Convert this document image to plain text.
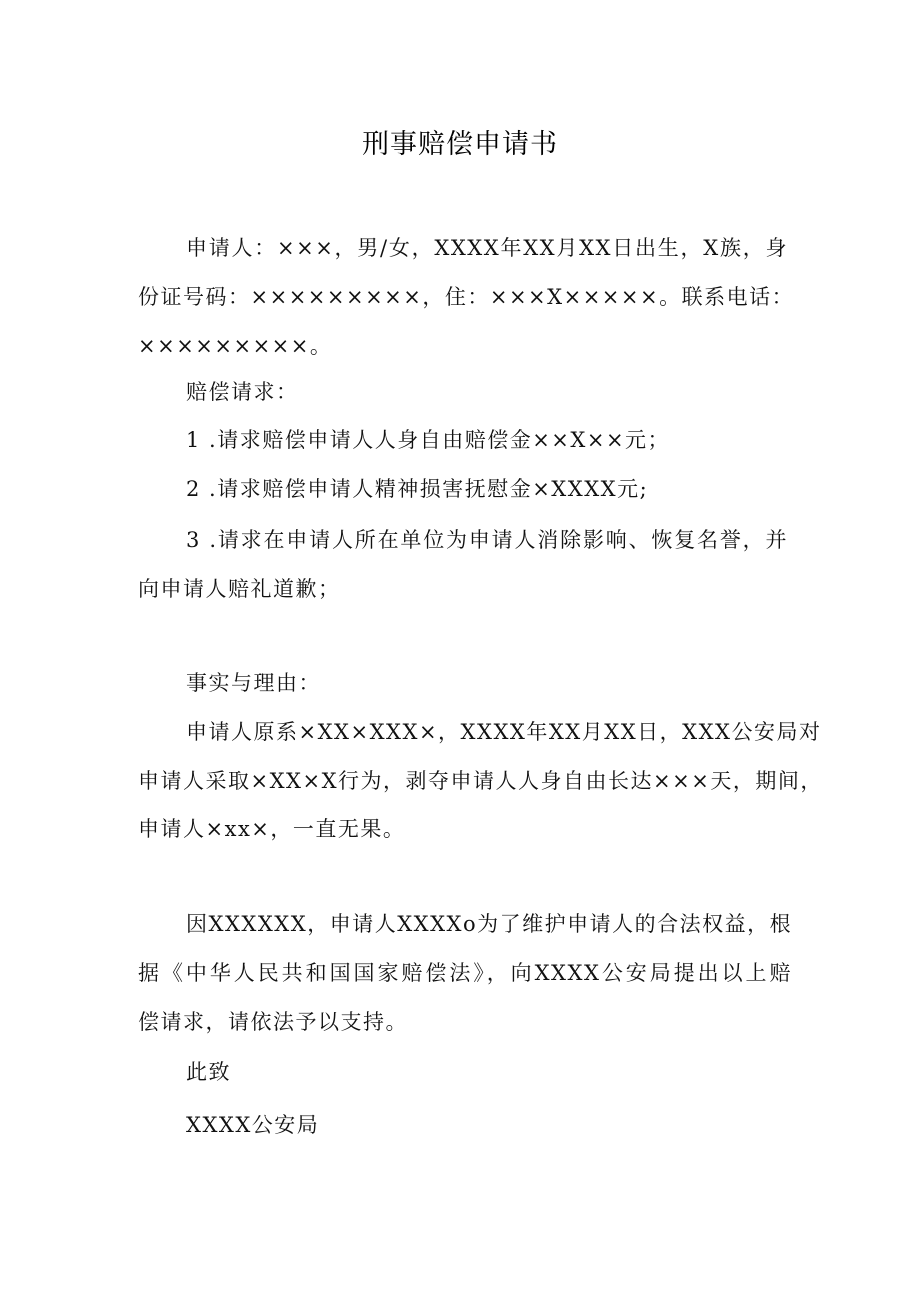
刑事赔偿申请书
申请人：×××，男/女，XXXX年XX月XX日出生，X族，身
份证号码：×××××××××，住：×××X×××××。联系电话：
×××××××××。
赔偿请求：
1 .请求赔偿申请人人身自由赔偿金××X××元；
2 .请求赔偿申请人精神损害抚慰金×XXXX元;
3 .请求在申请人所在单位为申请人消除影响、恢复名誉，并
向申请人赔礼道歉；
事实与理由：
申请人原系×XX×XXX×，XXXX年XX月XX日，XXX公安局对
申请人采取×XX×X行为，剥夺申请人人身自由长达×××天，期间，
申请人×xx×，一直无果。
因XXXXXX，申请人XXXXo为了维护申请人的合法权益，根
据《中华人民共和国国家赔偿法》，向XXXX公安局提出以上赔
偿请求，请依法予以支持。
此致
XXXX公安局
